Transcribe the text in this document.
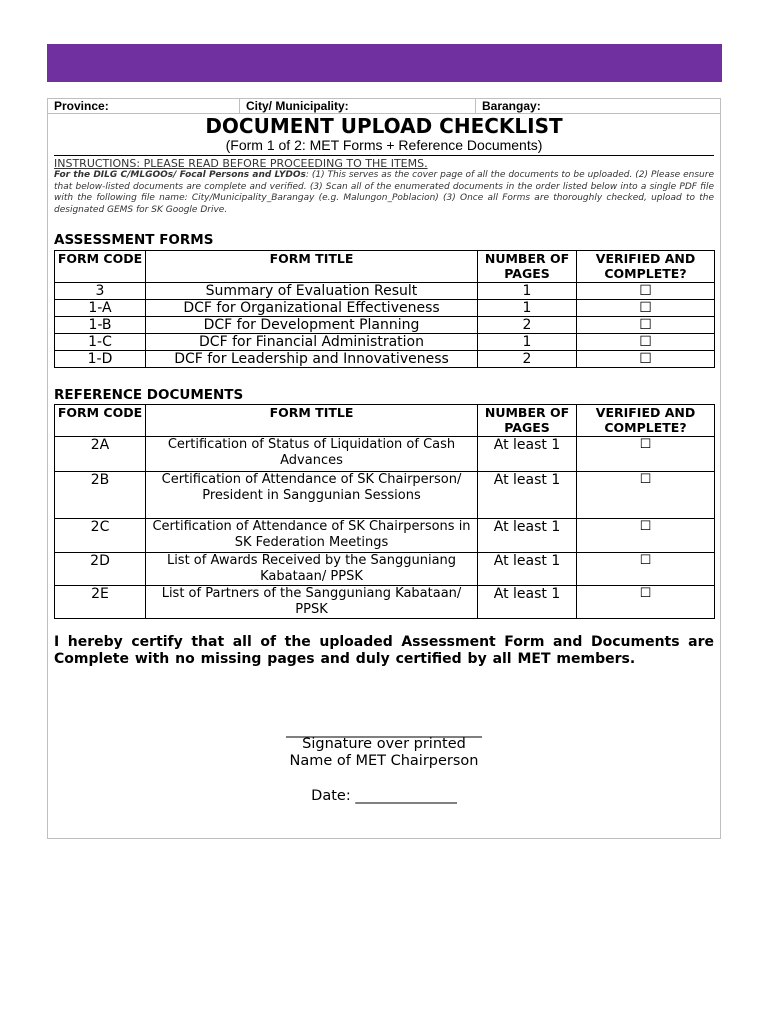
Province:	City/ Municipality:	Barangay:
DOCUMENT UPLOAD CHECKLIST
(Form 1 of 2: MET Forms + Reference Documents)
INSTRUCTIONS: PLEASE READ BEFORE PROCEEDING TO THE ITEMS.
For the DILG C/MLGOOs/ Focal Persons and LYDOs: (1) This serves as the cover page of all the documents to be uploaded. (2) Please ensure that below-listed documents are complete and verified. (3) Scan all of the enumerated documents in the order listed below into a single PDF file with the following file name: City/Municipality_Barangay (e.g. Malungon_Poblacion) (3) Once all Forms are thoroughly checked, upload to the designated GEMS for SK Google Drive.
ASSESSMENT FORMS
FORM CODE	FORM TITLE	NUMBER OF PAGES	VERIFIED AND COMPLETE?
3	Summary of Evaluation Result	1	☐
1-A	DCF for Organizational Effectiveness	1	☐
1-B	DCF for Development Planning	2	☐
1-C	DCF for Financial Administration	1	☐
1-D	DCF for Leadership and Innovativeness	2	☐
REFERENCE DOCUMENTS
FORM CODE	FORM TITLE	NUMBER OF PAGES	VERIFIED AND COMPLETE?
2A	Certification of Status of Liquidation of Cash Advances	At least 1	☐
2B	Certification of Attendance of SK Chairperson/ President in Sanggunian Sessions	At least 1	☐
2C	Certification of Attendance of SK Chairpersons in SK Federation Meetings	At least 1	☐
2D	List of Awards Received by the Sangguniang Kabataan/ PPSK	At least 1	☐
2E	List of Partners of the Sangguniang Kabataan/ PPSK	At least 1	☐
I hereby certify that all of the uploaded Assessment Form and Documents are Complete with no missing pages and duly certified by all MET members.
___________________________
Signature over printed
Name of MET Chairperson
Date: ______________
